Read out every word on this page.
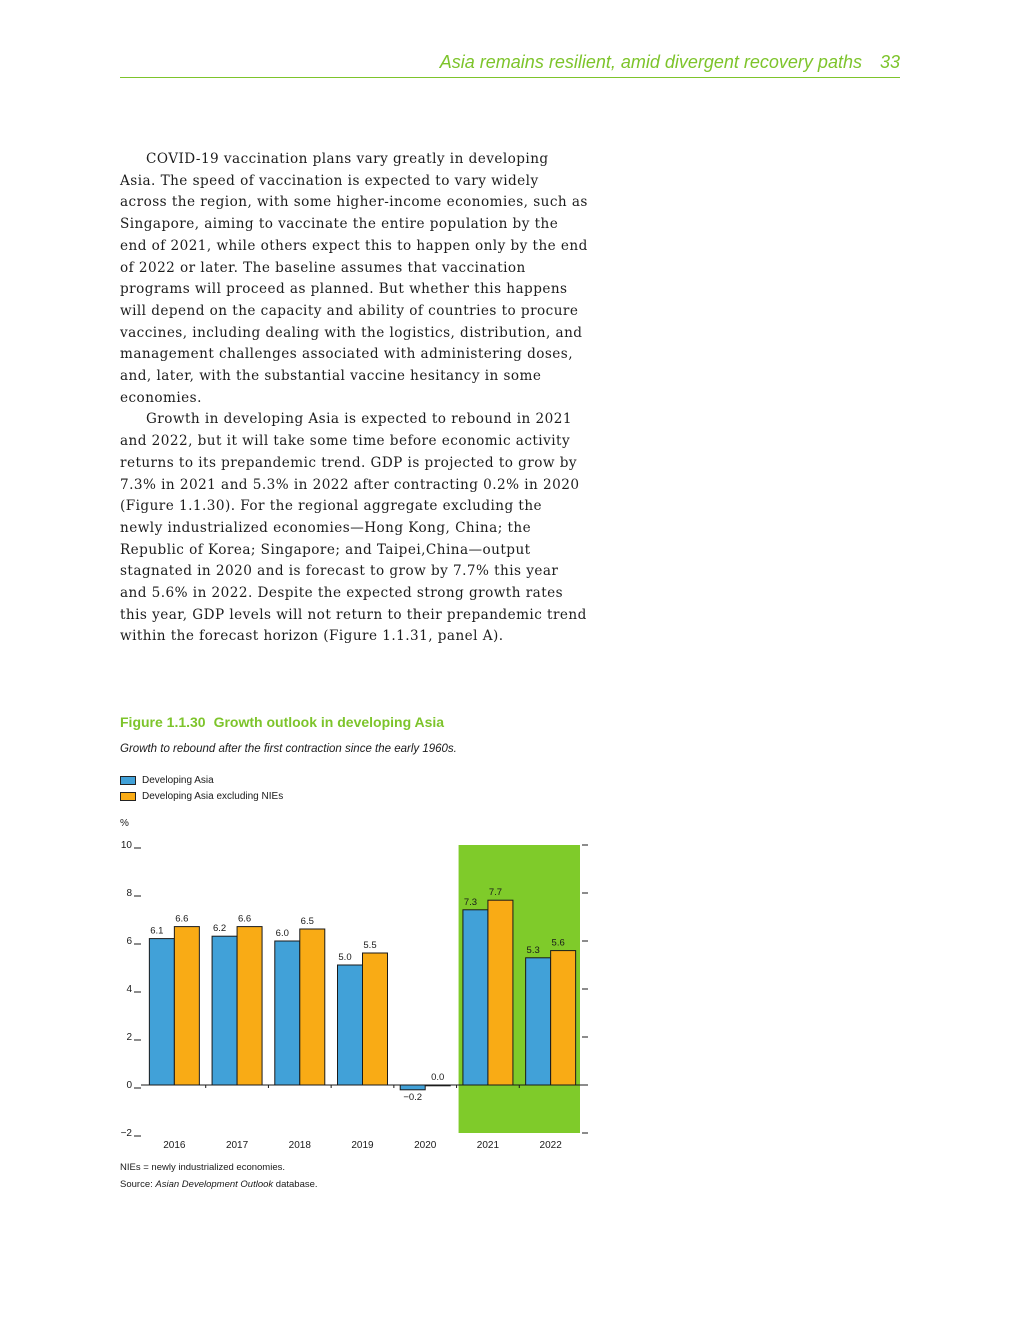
Asia remains resilient, amid divergent recovery paths 33

COVID-19 vaccination plans vary greatly in developing Asia. The speed of vaccination is expected to vary widely across the region, with some higher-income economies, such as Singapore, aiming to vaccinate the entire population by the end of 2021, while others expect this to happen only by the end of 2022 or later. The baseline assumes that vaccination programs will proceed as planned. But whether this happens will depend on the capacity and ability of countries to procure vaccines, including dealing with the logistics, distribution, and management challenges associated with administering doses, and, later, with the substantial vaccine hesitancy in some economies.

Growth in developing Asia is expected to rebound in 2021 and 2022, but it will take some time before economic activity returns to its prepandemic trend. GDP is projected to grow by 7.3% in 2021 and 5.3% in 2022 after contracting 0.2% in 2020 (Figure 1.1.30). For the regional aggregate excluding the newly industrialized economies—Hong Kong, China; the Republic of Korea; Singapore; and Taipei,China—output stagnated in 2020 and is forecast to grow by 7.7% this year and 5.6% in 2022. Despite the expected strong growth rates this year, GDP levels will not return to their prepandemic trend within the forecast horizon (Figure 1.1.31, panel A).

Figure 1.1.30 Growth outlook in developing Asia
Growth to rebound after the first contraction since the early 1960s.
Developing Asia
Developing Asia excluding NIEs
%
−2
0
2
4
6
8
10
6.1	6.2	6.0
5.0
−0.2
7.3
5.3
6.6	6.6	6.5
5.5
0.0
7.7
5.6
2016	2017	2018	2019	2020	2021	2022
NIEs = newly industrialized economies.
Source: Asian Development Outlook database.
